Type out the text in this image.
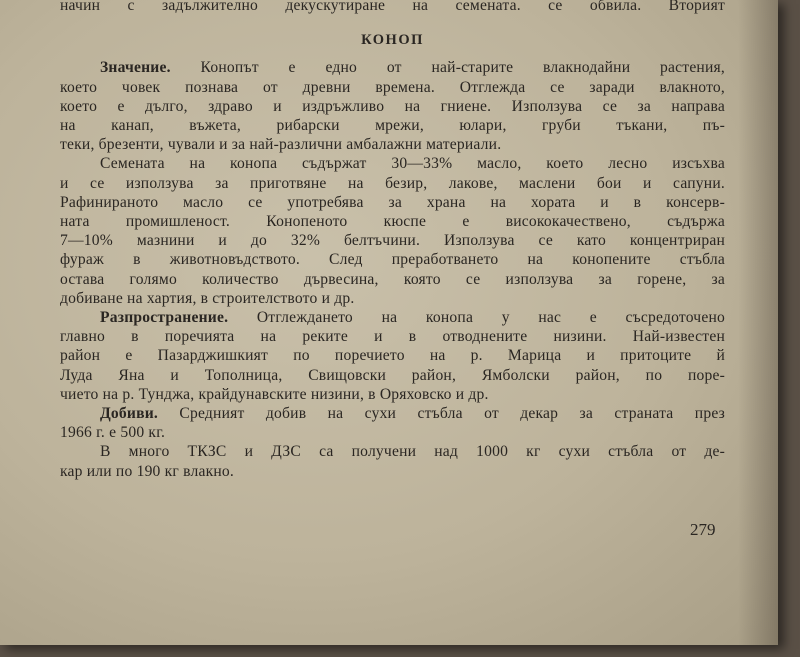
начин с задължително декускутиране на семената. се обвила. Вторият
КОНОП
Значение. Конопът е едно от най-старите влакнодайни растения,
което човек познава от древни времена. Отглежда се заради влакното,
което е дълго, здраво и издръжливо на гниене. Използува се за направа
на канап, въжета, рибарски мрежи, юлари, груби тъкани, пъ-
теки, брезенти, чували и за най-различни амбалажни материали.
Семената на конопа съдържат 30—33% масло, което лесно изсъхва
и се използува за приготвяне на безир, лакове, маслени бои и сапуни.
Рафинираното масло се употребява за храна на хората и в консерв-
ната промишленост. Конопеното кюспе е висококачествено, съдържа
7—10% мазнини и до 32% белтъчини. Използува се като концентриран
фураж в животновъдството. След преработването на конопените стъбла
остава голямо количество дървесина, която се използува за горене, за
добиване на хартия, в строителството и др.
Разпространение. Отглеждането на конопа у нас е съсредоточено
главно в поречията на реките и в отводнените низини. Най-известен
район е Пазарджишкият по поречието на р. Марица и притоците й
Луда Яна и Тополница, Свищовски район, Ямболски район, по поре-
чието на р. Тунджа, крайдунавските низини, в Оряховско и др.
Добиви. Средният добив на сухи стъбла от декар за страната през
1966 г. е 500 кг.
В много ТКЗС и ДЗС са получени над 1000 кг сухи стъбла от де-
кар или по 190 кг влакно.
279
